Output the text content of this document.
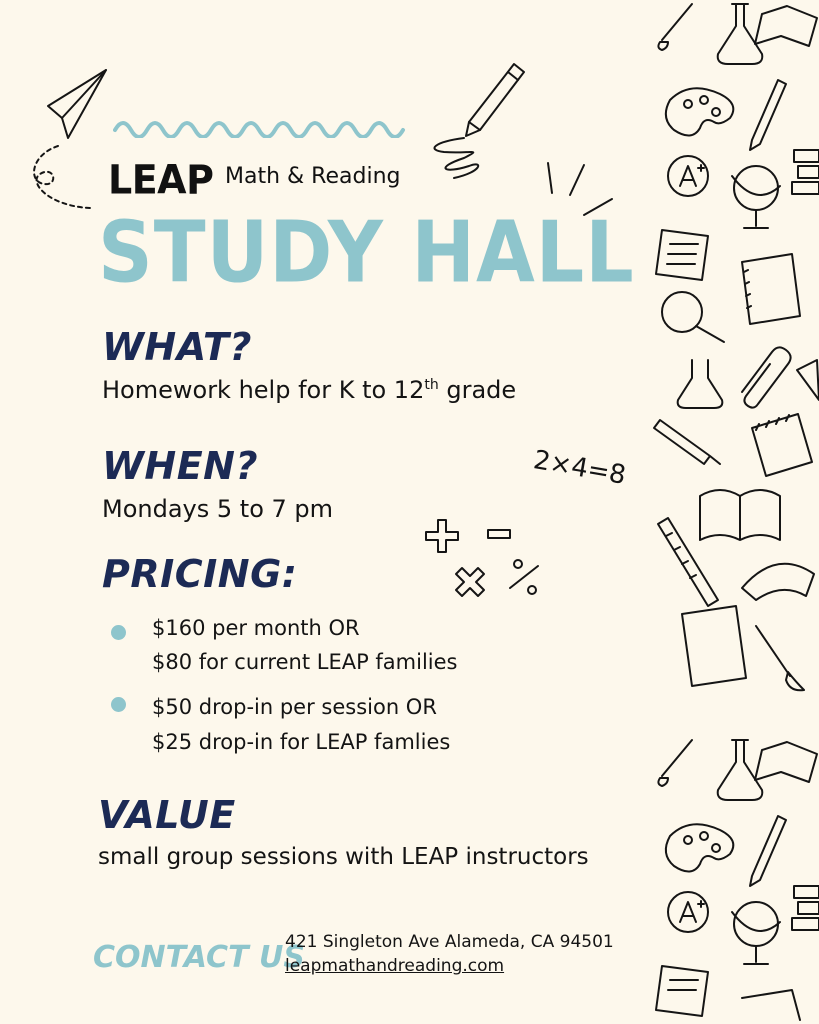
LEAP Math & Reading
STUDY HALL
WHAT?
Homework help for K to 12th grade
WHEN?
Mondays 5 to 7 pm
2×4=8
PRICING:
$160 per month OR
$80 for current LEAP families
$50 drop-in per session OR
$25 drop-in for LEAP famlies
VALUE
small group sessions with LEAP instructors
CONTACT US
421 Singleton Ave Alameda, CA 94501
leapmathandreading.com
